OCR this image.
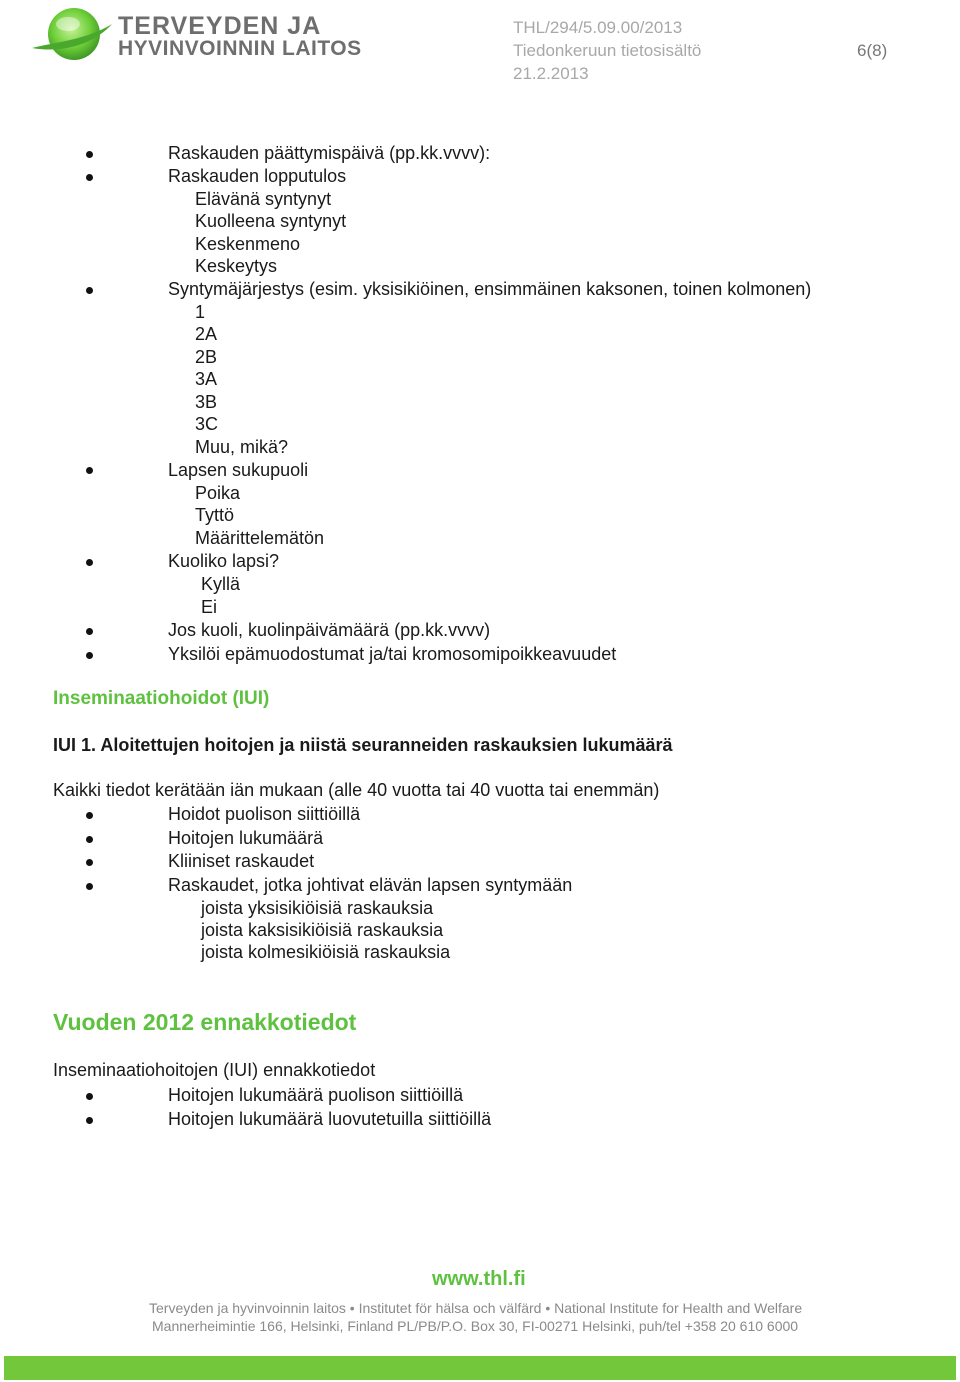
TERVEYDEN JA
HYVINVOINNIN LAITOS
THL/294/5.09.00/2013
Tiedonkeruun tietosisältö	6(8)
21.2.2013
Raskauden päättymispäivä (pp.kk.vvvv):
Raskauden lopputulos
Elävänä syntynyt
Kuolleena syntynyt
Keskenmeno
Keskeytys
Syntymäjärjestys (esim. yksisikiöinen, ensimmäinen kaksonen, toinen kolmonen)
1
2A
2B
3A
3B
3C
Muu, mikä?
Lapsen sukupuoli
Poika
Tyttö
Määrittelemätön
Kuoliko lapsi?
Kyllä
Ei
Jos kuoli, kuolinpäivämäärä (pp.kk.vvvv)
Yksilöi epämuodostumat ja/tai kromosomipoikkeavuudet
Inseminaatiohoidot (IUI)
IUI 1. Aloitettujen hoitojen ja niistä seuranneiden raskauksien lukumäärä
Kaikki tiedot kerätään iän mukaan (alle 40 vuotta tai 40 vuotta tai enemmän)
Hoidot puolison siittiöillä
Hoitojen lukumäärä
Kliiniset raskaudet
Raskaudet, jotka johtivat elävän lapsen syntymään
joista yksisikiöisiä raskauksia
joista kaksisikiöisiä raskauksia
joista kolmesikiöisiä raskauksia
Vuoden 2012 ennakkotiedot
Inseminaatiohoitojen (IUI) ennakkotiedot
Hoitojen lukumäärä puolison siittiöillä
Hoitojen lukumäärä luovutetuilla siittiöillä
www.thl.fi
Terveyden ja hyvinvoinnin laitos • Institutet för hälsa och välfärd • National Institute for Health and Welfare
Mannerheimintie 166, Helsinki, Finland PL/PB/P.O. Box 30, FI-00271 Helsinki, puh/tel +358 20 610 6000
